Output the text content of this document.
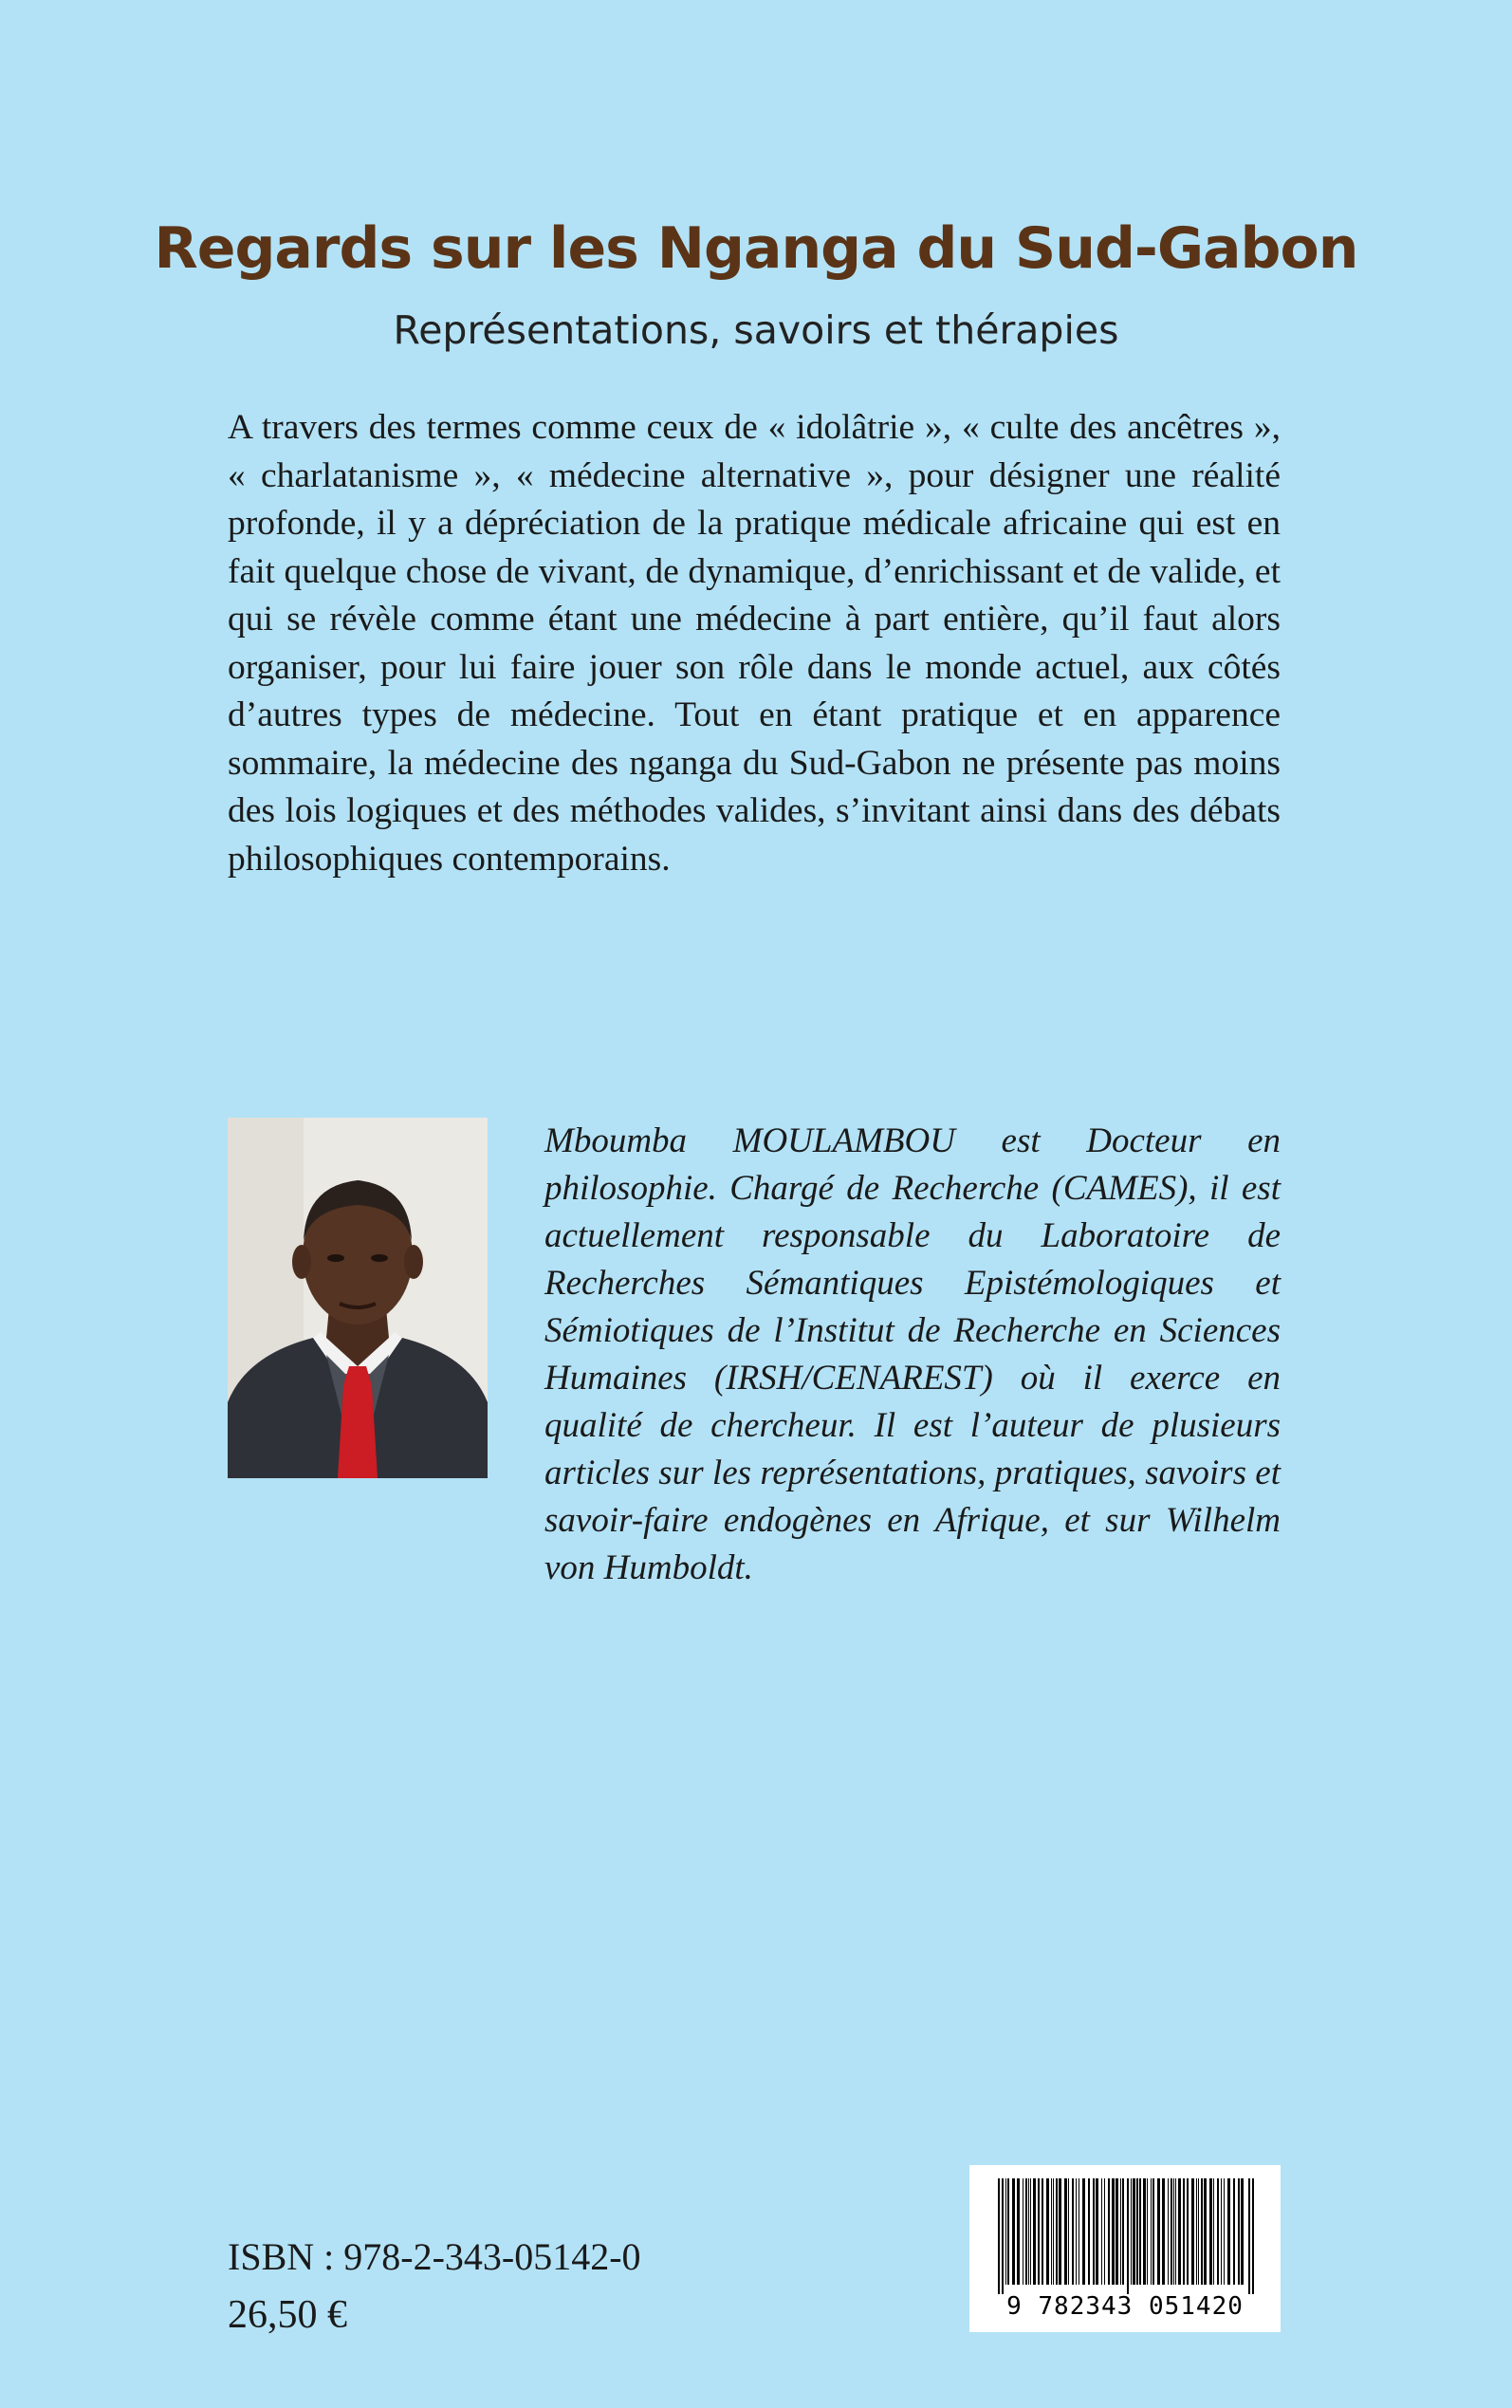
Regards sur les Nganga du Sud-Gabon
Représentations, savoirs et thérapies

A travers des termes comme ceux de « idolâtrie », « culte des ancêtres », « charlatanisme », « médecine alternative », pour désigner une réalité profonde, il y a dépréciation de la pratique médicale africaine qui est en fait quelque chose de vivant, de dynamique, d’enrichissant et de valide, et qui se révèle comme étant une médecine à part entière, qu’il faut alors organiser, pour lui faire jouer son rôle dans le monde actuel, aux côtés d’autres types de médecine. Tout en étant pratique et en apparence sommaire, la médecine des nganga du Sud-Gabon ne présente pas moins des lois logiques et des méthodes valides, s’invitant ainsi dans des débats philosophiques contemporains.

Mboumba MOULAMBOU est Docteur en philosophie. Chargé de Recherche (CAMES), il est actuellement responsable du Laboratoire de Recherches Sémantiques Epistémologiques et Sémiotiques de l’Institut de Recherche en Sciences Humaines (IRSH/CENAREST) où il exerce en qualité de chercheur. Il est l’auteur de plusieurs articles sur les représentations, pratiques, savoirs et savoir-faire endogènes en Afrique, et sur Wilhelm von Humboldt.

ISBN : 978-2-343-05142-0
26,50 €	9 782343 051420
